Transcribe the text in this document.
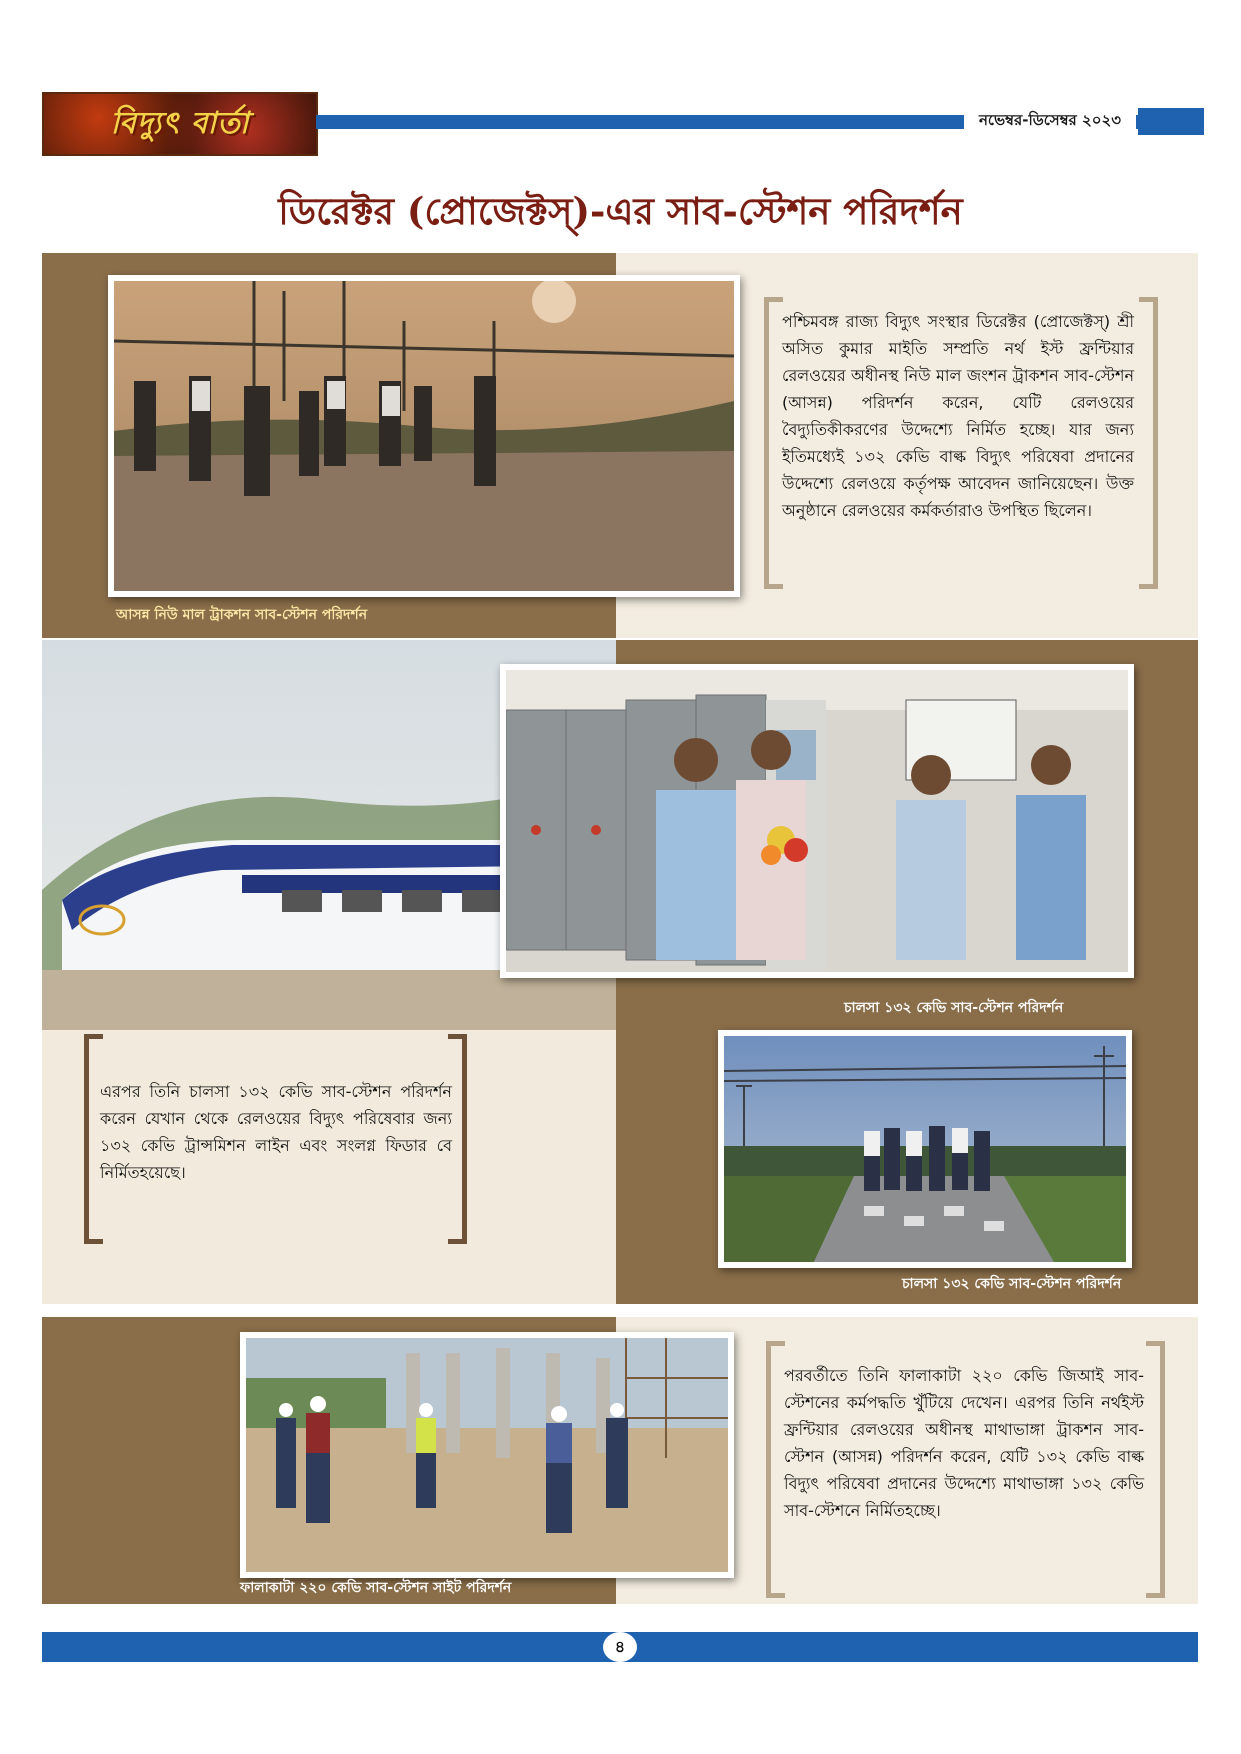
বিদ্যুৎ বার্তা	নভেম্বর-ডিসেম্বর ২০২৩
ডিরেক্টর (প্রোজেক্টস্)-এর সাব-স্টেশন পরিদর্শন
আসন্ন নিউ মাল ট্রাকশন সাব-স্টেশন পরিদর্শন
পশ্চিমবঙ্গ রাজ্য বিদ্যুৎ সংস্থার ডিরেক্টর (প্রোজেক্টস্) শ্রী অসিত কুমার মাইতি সম্প্রতি নর্থ ইস্ট ফ্রন্টিয়ার রেলওয়ের অধীনস্থ নিউ মাল জংশন ট্রাকশন সাব-স্টেশন (আসন্ন) পরিদর্শন করেন, যেটি রেলওয়ের বৈদ্যুতিকীকরণের উদ্দেশ্যে নির্মিত হচ্ছে। যার জন্য ইতিমধ্যেই ১৩২ কেভি বাল্ক বিদ্যুৎ পরিষেবা প্রদানের উদ্দেশ্যে রেলওয়ে কর্তৃপক্ষ আবেদন জানিয়েছেন। উক্ত অনুষ্ঠানে রেলওয়ের কর্মকর্তারাও উপস্থিত ছিলেন।
চালসা ১৩২ কেভি সাব-স্টেশন পরিদর্শন
চালসা ১৩২ কেভি সাব-স্টেশন পরিদর্শন
এরপর তিনি চালসা ১৩২ কেভি সাব-স্টেশন পরিদর্শন করেন যেখান থেকে রেলওয়ের বিদ্যুৎ পরিষেবার জন্য ১৩২ কেভি ট্রান্সমিশন লাইন এবং সংলগ্ন ফিডার বে নির্মিতহয়েছে।
ফালাকাটা ২২০ কেভি সাব-স্টেশন সাইট পরিদর্শন
পরবর্তীতে তিনি ফালাকাটা ২২০ কেভি জিআই সাব-স্টেশনের কর্মপদ্ধতি খুঁটিয়ে দেখেন। এরপর তিনি নর্থইস্ট ফ্রন্টিয়ার রেলওয়ের অধীনস্থ মাথাভাঙ্গা ট্রাকশন সাব-স্টেশন (আসন্ন) পরিদর্শন করেন, যেটি ১৩২ কেভি বাল্ক বিদ্যুৎ পরিষেবা প্রদানের উদ্দেশ্যে মাথাভাঙ্গা ১৩২ কেভি সাব-স্টেশনে নির্মিতহচ্ছে।
৪
